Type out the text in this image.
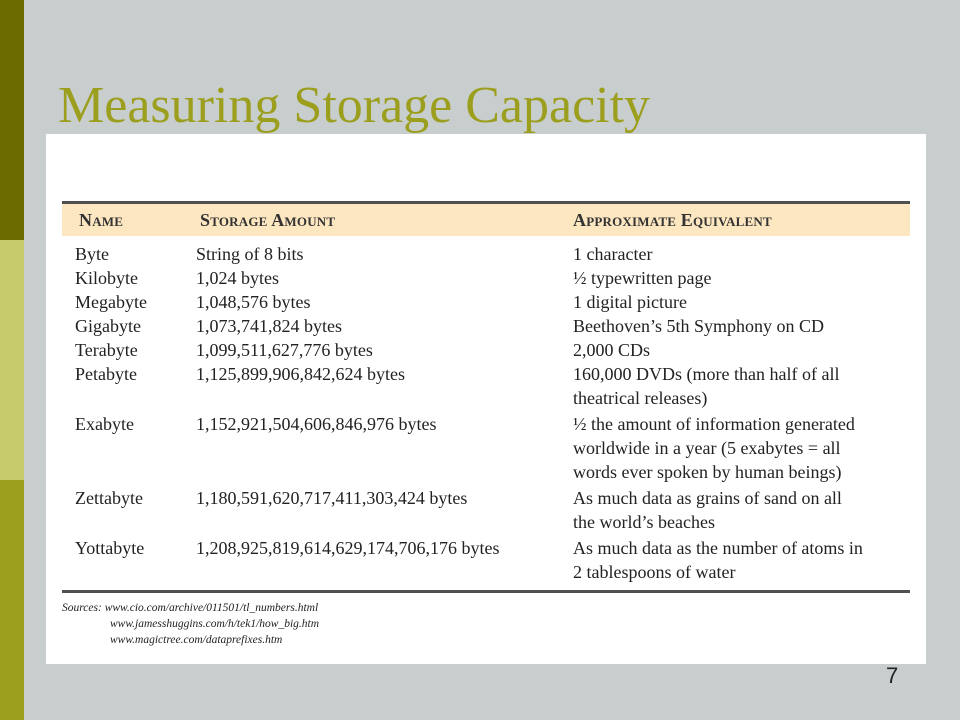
Measuring Storage Capacity
Name	Storage Amount	Approximate Equivalent
Byte	String of 8 bits	1 character
Kilobyte	1,024 bytes	½ typewritten page
Megabyte	1,048,576 bytes	1 digital picture
Gigabyte	1,073,741,824 bytes	Beethoven’s 5th Symphony on CD
Terabyte	1,099,511,627,776 bytes	2,000 CDs
Petabyte	1,125,899,906,842,624 bytes	160,000 DVDs (more than half of all
theatrical releases)
Exabyte	1,152,921,504,606,846,976 bytes	½ the amount of information generated
worldwide in a year (5 exabytes = all
words ever spoken by human beings)
Zettabyte	1,180,591,620,717,411,303,424 bytes	As much data as grains of sand on all
the world’s beaches
Yottabyte	1,208,925,819,614,629,174,706,176 bytes	As much data as the number of atoms in
2 tablespoons of water
Sources: www.cio.com/archive/011501/tl_numbers.html
www.jamesshuggins.com/h/tek1/how_big.htm
www.magictree.com/dataprefixes.htm
7
